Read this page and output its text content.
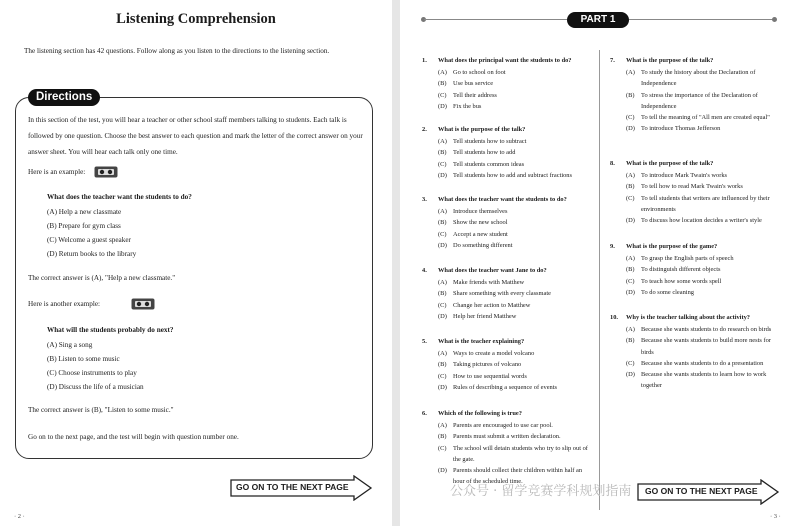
Listening Comprehension
The listening section has 42 questions. Follow along as you listen to the directions to the listening section.
Directions
In this section of the test, you will hear a teacher or other school staff members talking to students. Each talk is followed by one question. Choose the best answer to each question and mark the letter of the correct answer on your answer sheet. You will hear each talk only one time.
Here is an example:
What does the teacher want the students to do?
(A) Help a new classmate
(B) Prepare for gym class
(C) Welcome a guest speaker
(D) Return books to the library
The correct answer is (A), "Help a new classmate."
Here is another example:
What will the students probably do next?
(A) Sing a song
(B) Listen to some music
(C) Choose instruments to play
(D) Discuss the life of a musician
The correct answer is (B), "Listen to some music."
Go on to the next page, and the test will begin with question number one.
GO ON TO THE NEXT PAGE
· 2 ·
PART 1
1.	What does the principal want the students to do?
(A) Go to school on foot
(B)	Use bus service
(C)	Tell their address
(D) Fix the bus
2.	What is the purpose of the talk?
(A) Tell students how to subtract
(B)	Tell students how to add
(C)	Tell students common ideas
(D) Tell students how to add and subtract fractions
3.	What does the teacher want the students to do?
(A) Introduce themselves
(B)	Show the new school
(C)	Accept a new student
(D) Do something different
4.	What does the teacher want Jane to do?
(A) Make friends with Matthew
(B)	Share something with every classmate
(C)	Change her action to Matthew
(D) Help her friend Matthew
5.	What is the teacher explaining?
(A) Ways to create a model volcano
(B)	Taking pictures of volcano
(C)	How to use sequential words
(D) Rules of describing a sequence of events
6.	Which of the following is true?
(A) Parents are encouraged to use car pool.
(B)	Parents must submit a written declaration.
(C)	The school will detain students who try to slip out of the gate.
(D) Parents should collect their children within half an hour of the scheduled time.
7.	What is the purpose of the talk?
(A) To study the history about the Declaration of Independence
(B)	To stress the importance of the Declaration of Independence
(C)	To tell the meaning of "All men are created equal"
(D) To introduce Thomas Jefferson
8.	What is the purpose of the talk?
(A) To introduce Mark Twain's works
(B)	To tell how to read Mark Twain's works
(C)	To tell students that writers are influenced by their environments
(D) To discuss how location decides a writer's style
9.	What is the purpose of the game?
(A) To grasp the English parts of speech
(B)	To distinguish different objects
(C)	To teach how some words spell
(D) To do some cleaning
10.	Why is the teacher talking about the activity?
(A) Because she wants students to do research on birds
(B)	Because she wants students to build more nests for birds
(C)	Because she wants students to do a presentation
(D) Because she wants students to learn how to work together
GO ON TO THE NEXT PAGE
· 3 ·
公众号 · 留学竞赛学科规划指南
